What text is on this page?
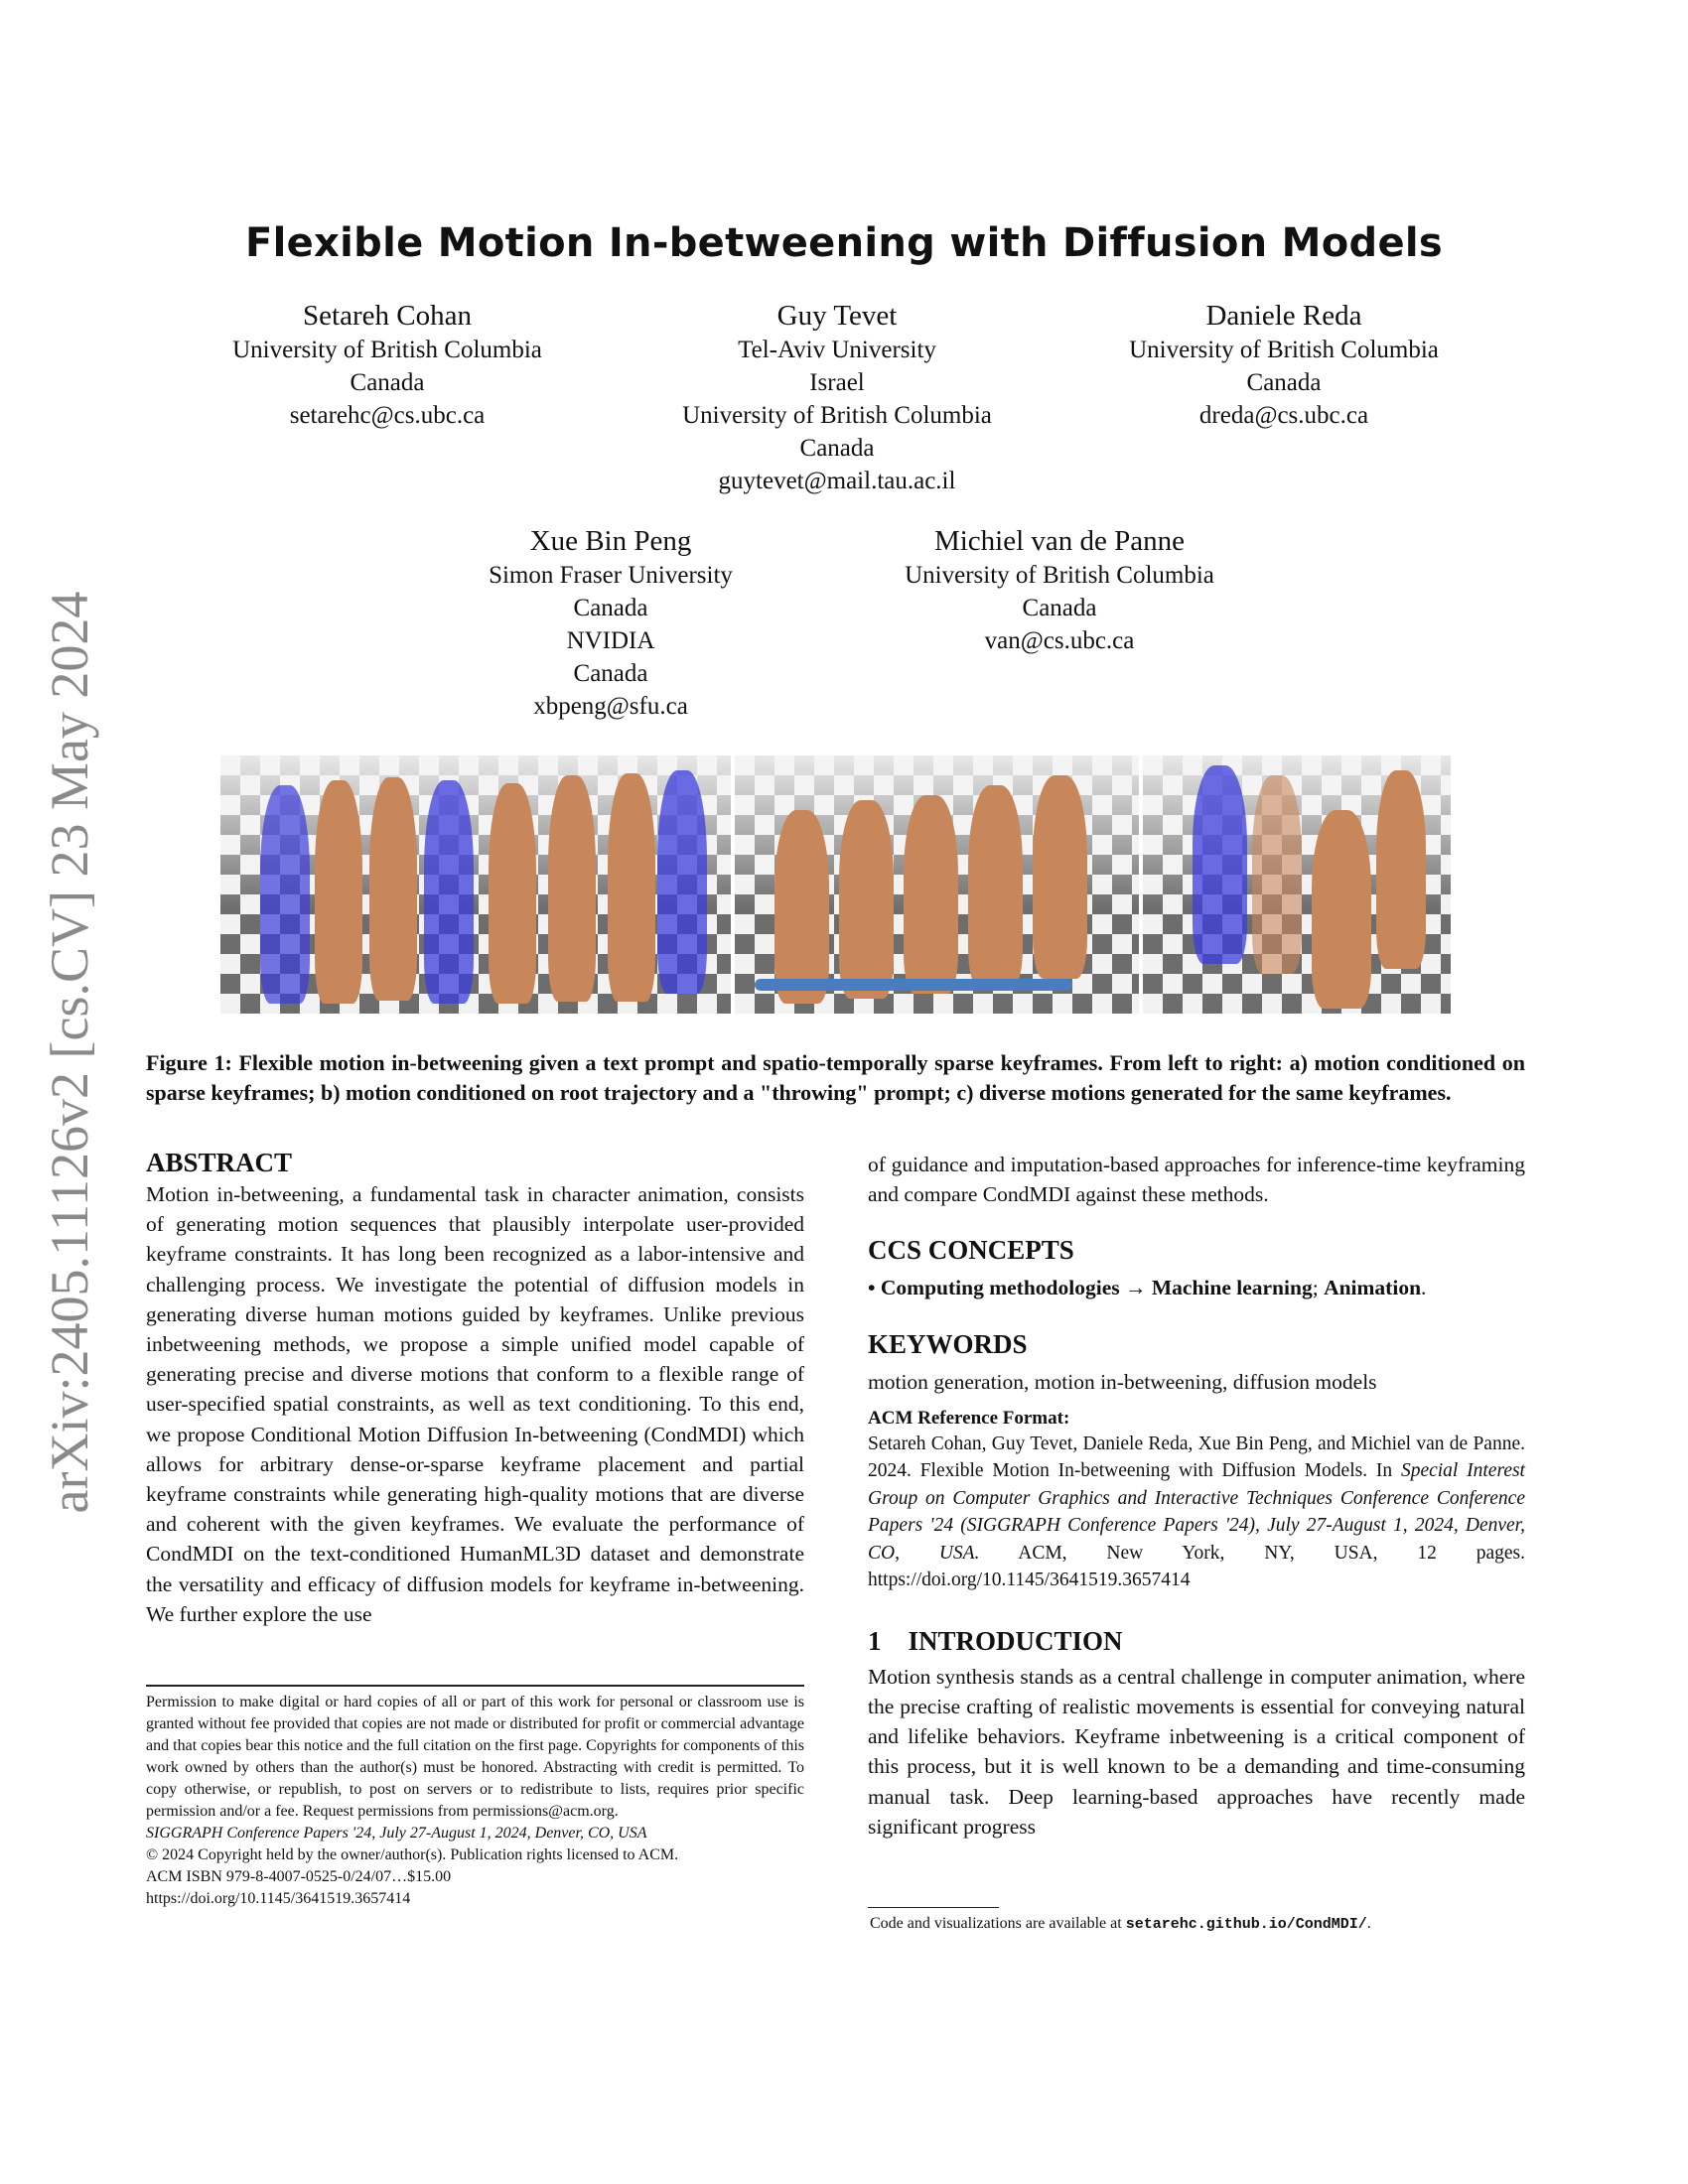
arXiv:2405.11126v2 [cs.CV] 23 May 2024
Flexible Motion In-betweening with Diffusion Models
Setareh Cohan
University of British Columbia
Canada
setarehc@cs.ubc.ca
Guy Tevet
Tel-Aviv University
Israel
University of British Columbia
Canada
guytevet@mail.tau.ac.il
Daniele Reda
University of British Columbia
Canada
dreda@cs.ubc.ca
Xue Bin Peng
Simon Fraser University
Canada
NVIDIA
Canada
xbpeng@sfu.ca
Michiel van de Panne
University of British Columbia
Canada
van@cs.ubc.ca
Figure 1: Flexible motion in-betweening given a text prompt and spatio-temporally sparse keyframes. From left to right: a) motion conditioned on sparse keyframes; b) motion conditioned on root trajectory and a "throwing" prompt; c) diverse motions generated for the same keyframes.
ABSTRACT

Motion in-betweening, a fundamental task in character animation, consists of generating motion sequences that plausibly interpolate user-provided keyframe constraints. It has long been recognized as a labor-intensive and challenging process. We investigate the potential of diffusion models in generating diverse human motions guided by keyframes. Unlike previous inbetweening methods, we propose a simple unified model capable of generating precise and diverse motions that conform to a flexible range of user-specified spatial constraints, as well as text conditioning. To this end, we propose Conditional Motion Diffusion In-betweening (CondMDI) which allows for arbitrary dense-or-sparse keyframe placement and partial keyframe constraints while generating high-quality motions that are diverse and coherent with the given keyframes. We evaluate the performance of CondMDI on the text-conditioned HumanML3D dataset and demonstrate the versatility and efficacy of diffusion models for keyframe in-betweening. We further explore the use

Permission to make digital or hard copies of all or part of this work for personal or classroom use is granted without fee provided that copies are not made or distributed for profit or commercial advantage and that copies bear this notice and the full citation on the first page. Copyrights for components of this work owned by others than the author(s) must be honored. Abstracting with credit is permitted. To copy otherwise, or republish, to post on servers or to redistribute to lists, requires prior specific permission and/or a fee. Request permissions from permissions@acm.org.

SIGGRAPH Conference Papers '24, July 27-August 1, 2024, Denver, CO, USA

© 2024 Copyright held by the owner/author(s). Publication rights licensed to ACM.

ACM ISBN 979-8-4007-0525-0/24/07…$15.00

https://doi.org/10.1145/3641519.3657414

of guidance and imputation-based approaches for inference-time keyframing and compare CondMDI against these methods.

CCS CONCEPTS

• Computing methodologies → Machine learning; Animation.

KEYWORDS

motion generation, motion in-betweening, diffusion models

ACM Reference Format:

Setareh Cohan, Guy Tevet, Daniele Reda, Xue Bin Peng, and Michiel van de Panne. 2024. Flexible Motion In-betweening with Diffusion Models. In Special Interest Group on Computer Graphics and Interactive Techniques Conference Conference Papers '24 (SIGGRAPH Conference Papers '24), July 27-August 1, 2024, Denver, CO, USA. ACM, New York, NY, USA, 12 pages. https://doi.org/10.1145/3641519.3657414

1    INTRODUCTION

Motion synthesis stands as a central challenge in computer animation, where the precise crafting of realistic movements is essential for conveying natural and lifelike behaviors. Keyframe inbetweening is a critical component of this process, but it is well known to be a demanding and time-consuming manual task. Deep learning-based approaches have recently made significant progress

Code and visualizations are available at setarehc.github.io/CondMDI/.
